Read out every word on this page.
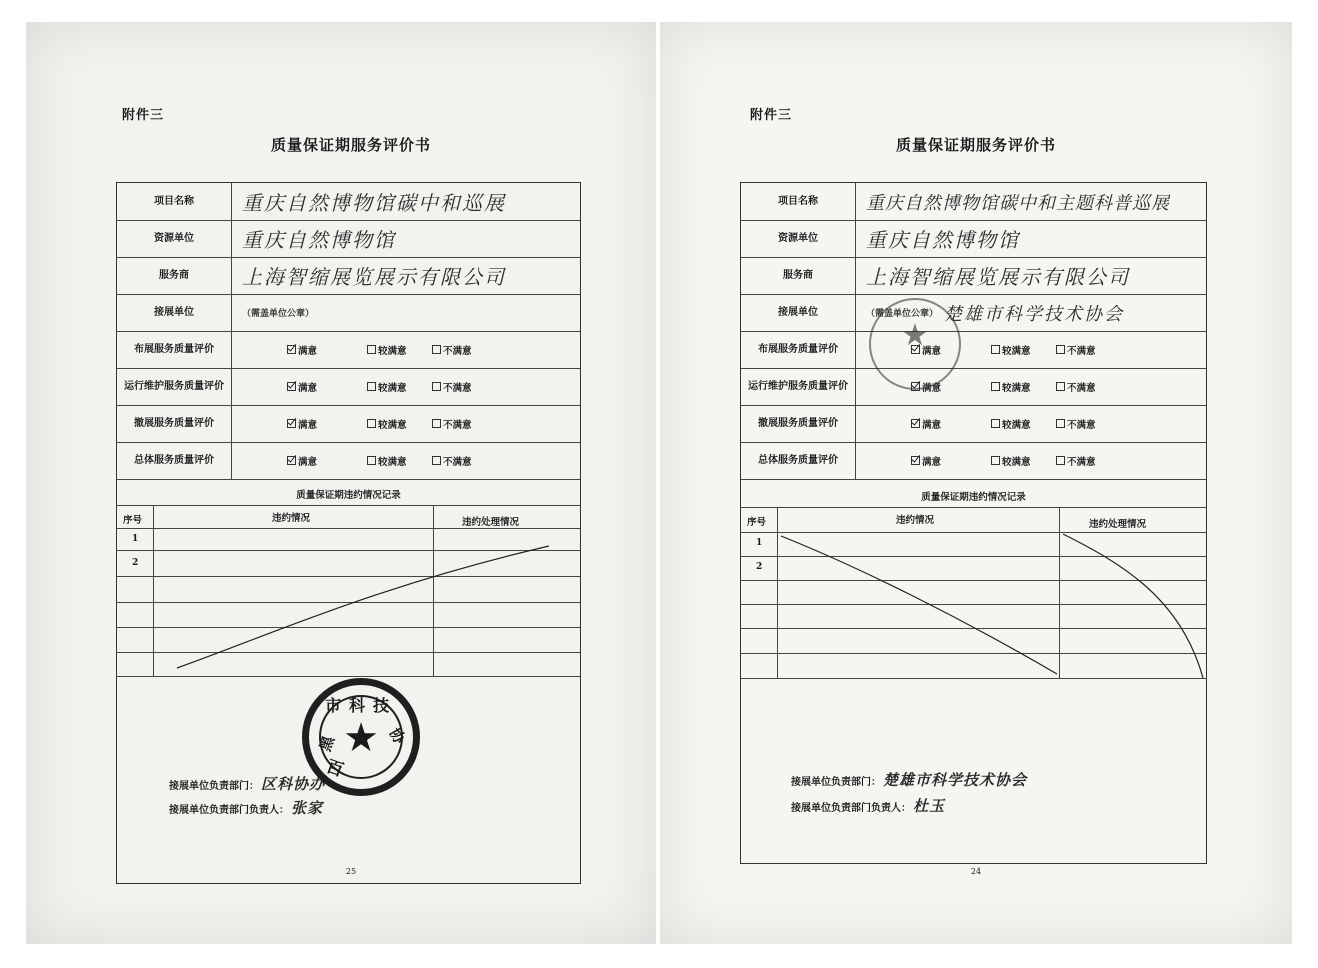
附件三
质量保证期服务评价书
项目名称	重庆自然博物馆碳中和巡展
资源单位	重庆自然博物馆
服务商	上海智缩展览展示有限公司
接展单位	（需盖单位公章）
布展服务质量评价	满意	较满意	不满意
运行维护服务质量评价	满意	较满意	不满意
撤展服务质量评价	满意	较满意	不满意
总体服务质量评价	满意	较满意	不满意
质量保证期违约情况记录
序号	违约情况	违约处理情况
1
2
接展单位负责部门： 区科协办
接展单位负责部门负责人： 张家
市科技
黑	协
★
百
25
附件三
质量保证期服务评价书
项目名称	重庆自然博物馆碳中和主题科普巡展
资源单位	重庆自然博物馆
服务商	上海智缩展览展示有限公司
接展单位	（需盖单位公章） 楚雄市科学技术协会
布展服务质量评价	满意	较满意	不满意
运行维护服务质量评价	满意	较满意	不满意
撤展服务质量评价	满意	较满意	不满意
总体服务质量评价	满意	较满意	不满意
质量保证期违约情况记录
序号	违约情况	违约处理情况
1
2
接展单位负责部门： 楚雄市科学技术协会
接展单位负责部门负责人： 杜玉
★
24
